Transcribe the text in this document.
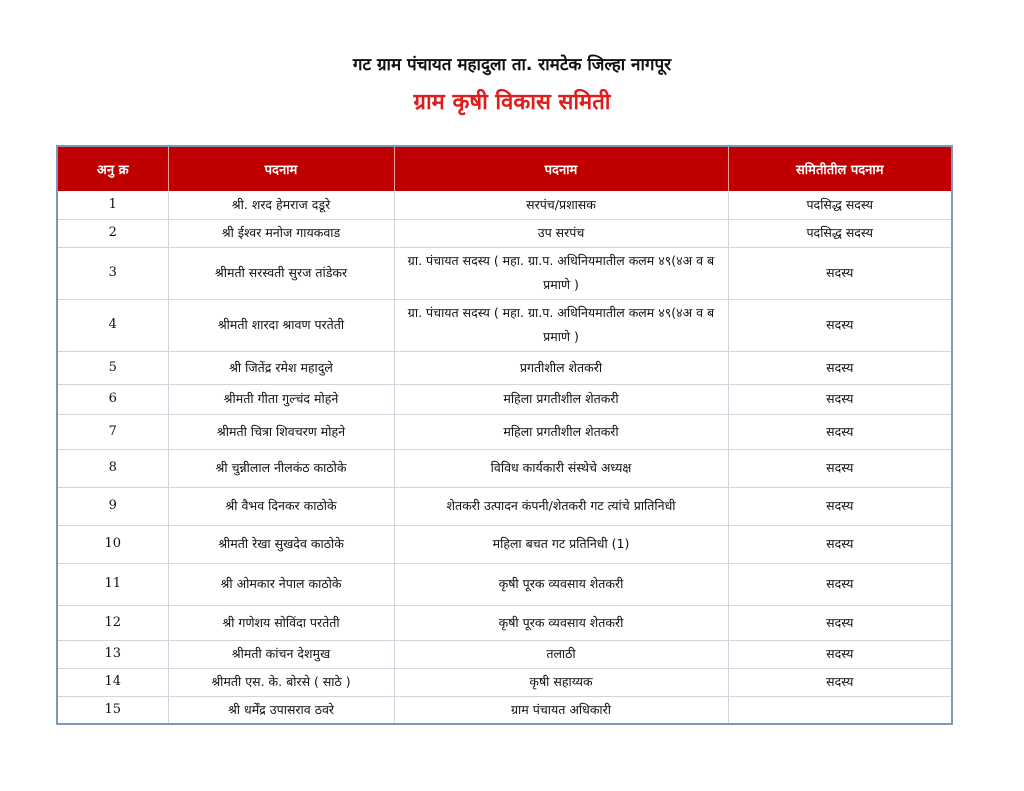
गट ग्राम पंचायत महादुला ता. रामटेक जिल्हा नागपूर
ग्राम कृषी विकास समिती
अनु क्र	पदनाम	पदनाम	समितीतील पदनाम
1	श्री. शरद हेमराज दडूरे	सरपंच/प्रशासक	पदसिद्ध सदस्य
2	श्री ईश्वर मनोज गायकवाड	उप सरपंच	पदसिद्ध सदस्य
3	श्रीमती सरस्वती सुरज तांडेकर	ग्रा. पंचायत सदस्य ( महा. ग्रा.प. अधिनियमातील कलम ४९(४अ व ब प्रमाणे )	सदस्य
4	श्रीमती शारदा श्रावण परतेती	ग्रा. पंचायत सदस्य ( महा. ग्रा.प. अधिनियमातील कलम ४९(४अ व ब प्रमाणे )	सदस्य
5	श्री जितेंद्र रमेश महादुले	प्रगतीशील शेतकरी	सदस्य
6	श्रीमती गीता गुल्चंद मोहने	महिला प्रगतीशील शेतकरी	सदस्य
7	श्रीमती चित्रा शिवचरण मोहने	महिला प्रगतीशील शेतकरी	सदस्य
8	श्री चुन्नीलाल नीलकंठ काठोके	विविध कार्यकारी संस्थेचे अध्यक्ष	सदस्य
9	श्री वैभव दिनकर काठोके	शेतकरी उत्पादन कंपनी/शेतकरी गट त्यांचे प्रातिनिधी	सदस्य
10	श्रीमती रेखा सुखदेव काठोके	महिला बचत गट प्रतिनिधी (1)	सदस्य
11	श्री ओमकार नेपाल काठोके	कृषी पूरक व्यवसाय शेतकरी	सदस्य
12	श्री गणेशय सोविंदा परतेती	कृषी पूरक व्यवसाय शेतकरी	सदस्य
13	श्रीमती कांचन देशमुख	तलाठी	सदस्य
14	श्रीमती एस. के. बोरसे ( साठे )	कृषी सहाय्यक	सदस्य
15	श्री धर्मेंद्र उपासराव ठवरे	ग्राम पंचायत अधिकारी	
